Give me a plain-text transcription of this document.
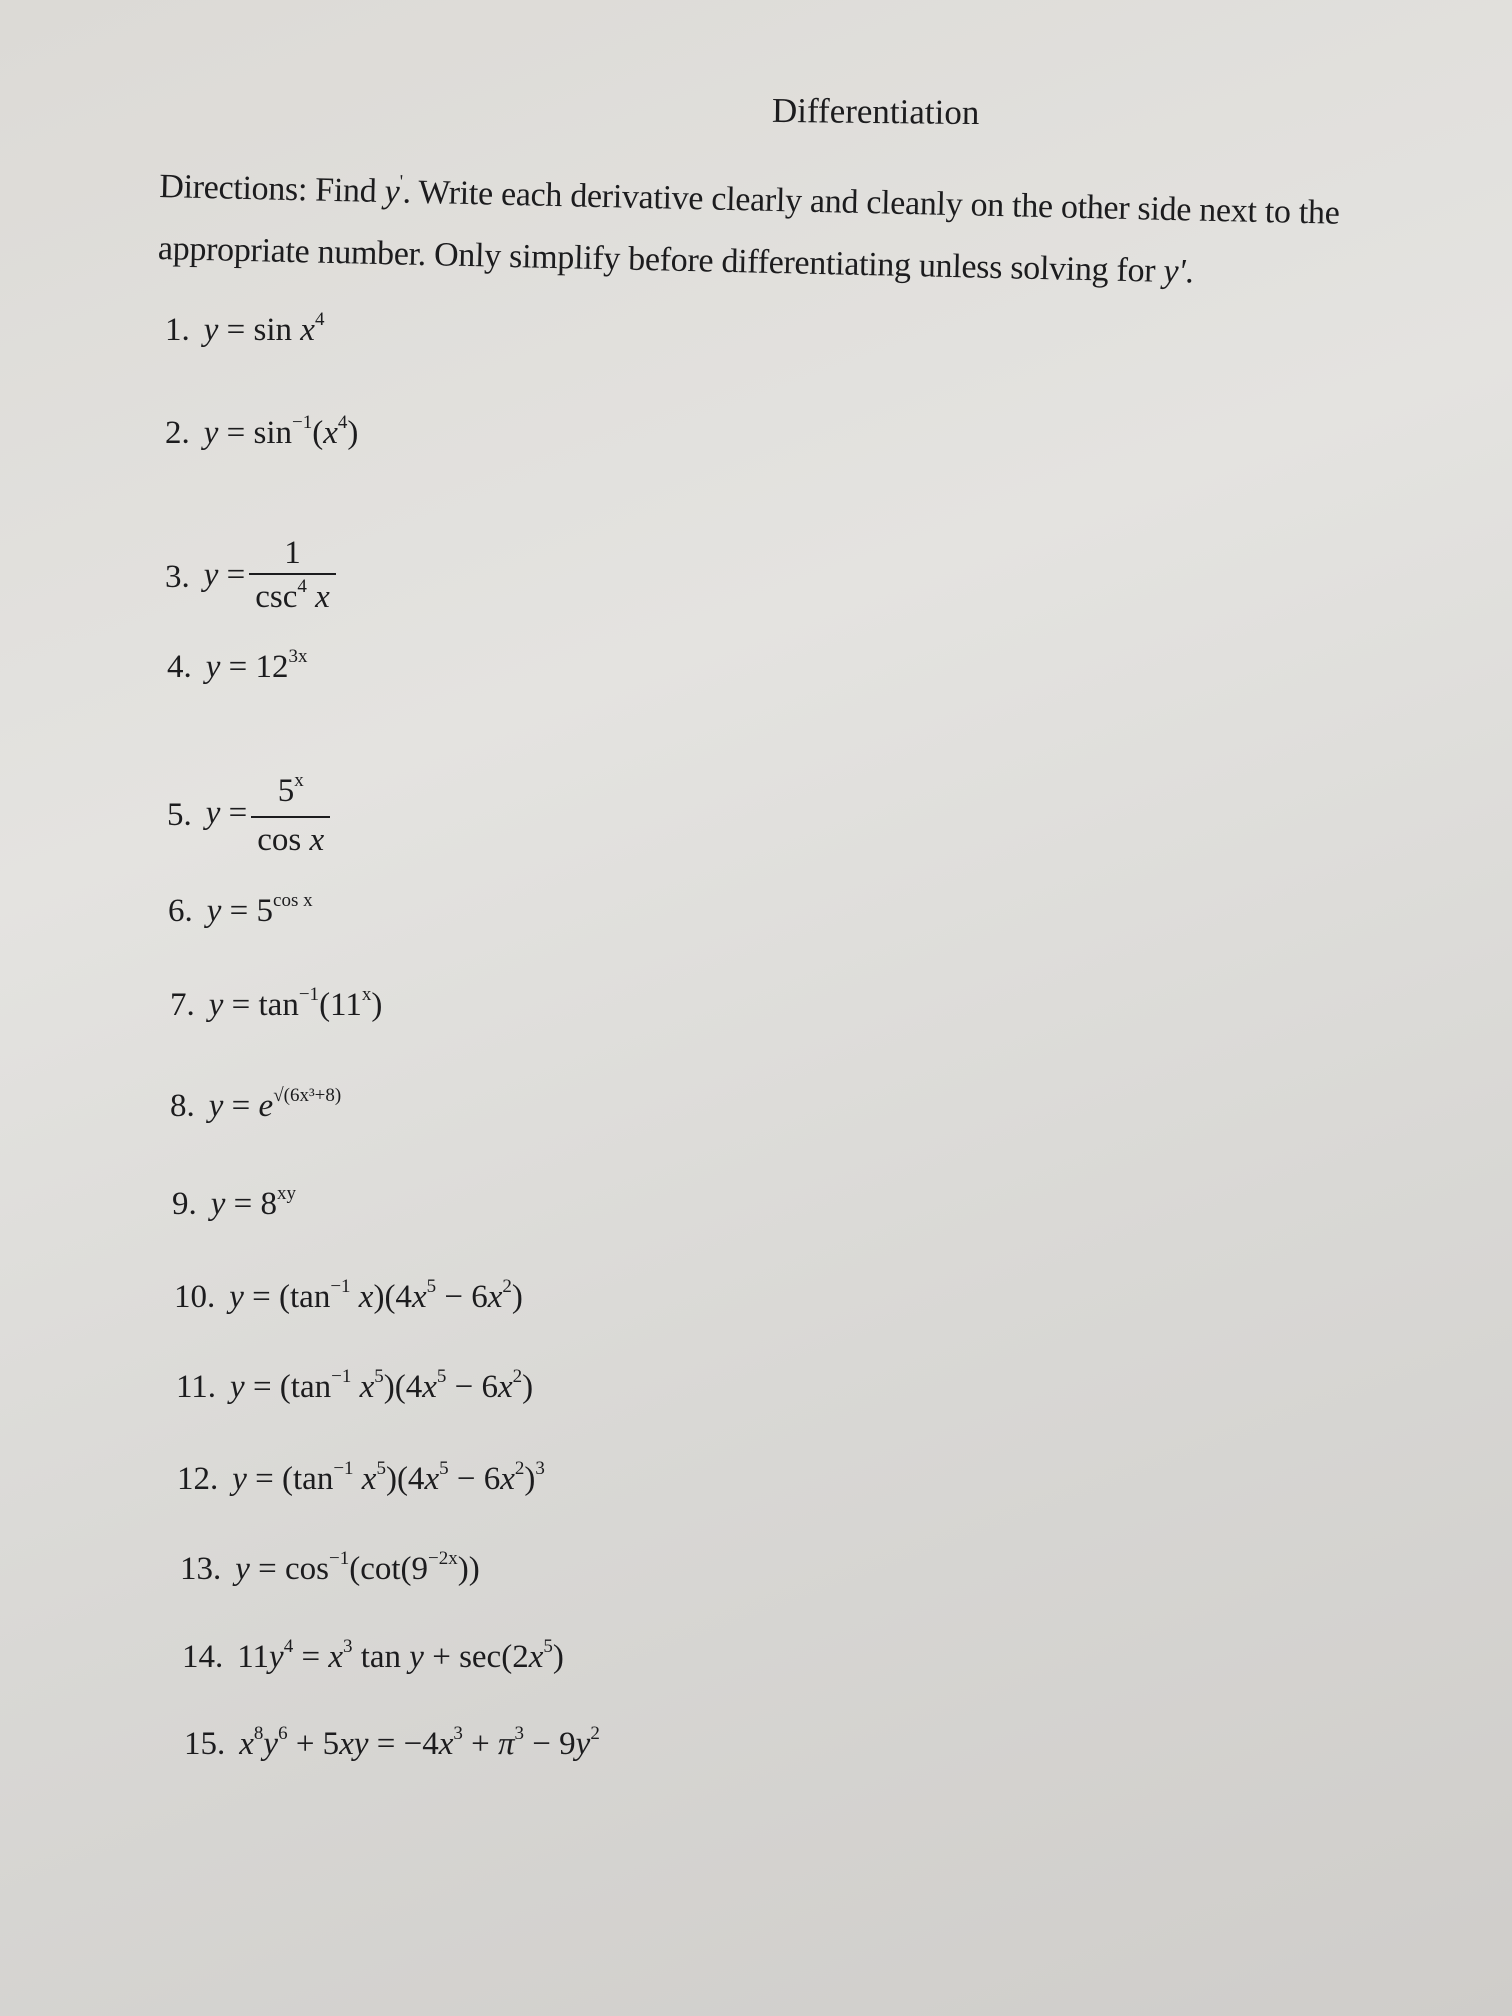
Differentiation
Directions: Find y'. Write each derivative clearly and cleanly on the other side next to the appropriate number. Only simplify before differentiating unless solving for y'.
1. $y = \sin x^4$
2. $y = \sin^{-1}(x^4)$
3. $y = \frac{1}{\csc^4 x}$
4. $y = 12^{3x}$
5. $y = \frac{5^x}{\text{cos x}}$
6. $y = 5^{cos x}$
7. $y = \tan^{-1}(11^x)$
8. $y = e^{√(6x^3+8)}$
9. $y = 8^{xy}$
10. $y = (\tan^{-1}$ $x)(4x^5 - 6x^2)$
11. $y = (\tan^{-1}$ $x^5)(4x^5 - 6x^2)$
12. $y = (\tan^{-1}$ $x^5)(4x^5 - 6x^2)^3$
13. $y = \cos^{-1}(\cot(9^{-2x}))$
14. $11y^4 = x^3$ $\tan y + \sec(2x^5)$
15. $x^8y^6 + 5xy = -4x^3 + \pi^3 - 9y^2$
